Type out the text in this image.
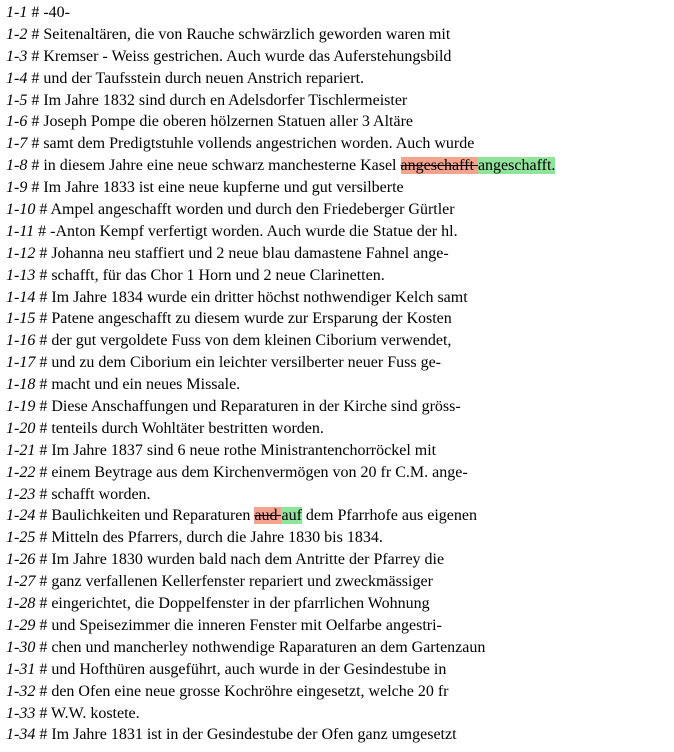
1-1 # -40-
1-2 # Seitenaltären, die von Rauche schwärzlich geworden waren mit
1-3 # Kremser - Weiss gestrichen. Auch wurde das Auferstehungsbild
1-4 # und der Taufsstein durch neuen Anstrich repariert.
1-5 # Im Jahre 1832 sind durch en Adelsdorfer Tischlermeister
1-6 # Joseph Pompe die oberen hölzernen Statuen aller 3 Altäre
1-7 # samt dem Predigtstuhle vollends angestrichen worden. Auch wurde
1-8 # in diesem Jahre eine neue schwarz manchesterne Kasel angeschafft angeschafft.
1-9 # Im Jahre 1833 ist eine neue kupferne und gut versilberte
1-10 # Ampel angeschafft worden und durch den Friedeberger Gürtler
1-11 # -Anton Kempf verfertigt worden. Auch wurde die Statue der hl.
1-12 # Johanna neu staffiert und 2 neue blau damastene Fahnel ange-
1-13 # schafft, für das Chor 1 Horn und 2 neue Clarinetten.
1-14 # Im Jahre 1834 wurde ein dritter höchst nothwendiger Kelch samt
1-15 # Patene angeschafft zu diesem wurde zur Ersparung der Kosten
1-16 # der gut vergoldete Fuss von dem kleinen Ciborium verwendet,
1-17 # und zu dem Ciborium ein leichter versilberter neuer Fuss ge-
1-18 # macht und ein neues Missale.
1-19 # Diese Anschaffungen und Reparaturen in der Kirche sind gröss-
1-20 # tenteils durch Wohltäter bestritten worden.
1-21 # Im Jahre 1837 sind 6 neue rothe Ministrantenchorröckel mit
1-22 # einem Beytrage aus dem Kirchenvermögen von 20 fr C.M. ange-
1-23 # schafft worden.
1-24 # Baulichkeiten und Reparaturen aud auf dem Pfarrhofe aus eigenen
1-25 # Mitteln des Pfarrers, durch die Jahre 1830 bis 1834.
1-26 # Im Jahre 1830 wurden bald nach dem Antritte der Pfarrey die
1-27 # ganz verfallenen Kellerfenster repariert und zweckmässiger
1-28 # eingerichtet, die Doppelfenster in der pfarrlichen Wohnung
1-29 # und Speisezimmer die inneren Fenster mit Oelfarbe angestri-
1-30 # chen und mancherley nothwendige Raparaturen an dem Gartenzaun
1-31 # und Hofthüren ausgeführt, auch wurde in der Gesindestube in
1-32 # den Ofen eine neue grosse Kochröhre eingesetzt, welche 20 fr
1-33 # W.W. kostete.
1-34 # Im Jahre 1831 ist in der Gesindestube der Ofen ganz umgesetzt
